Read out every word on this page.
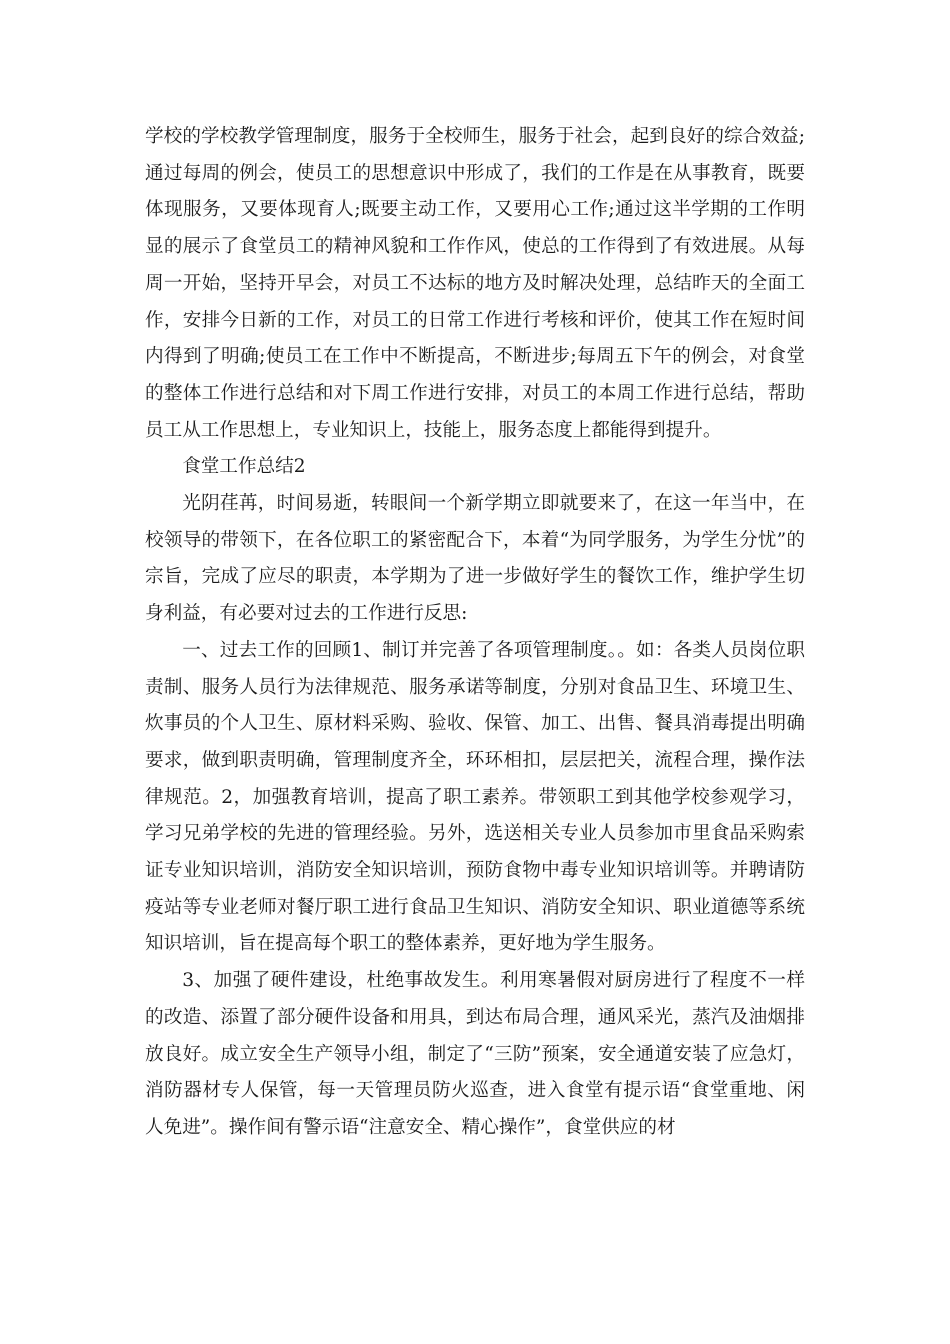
学校的学校教学管理制度，服务于全校师生，服务于社会，起到良好的综合效益;通过每周的例会，使员工的思想意识中形成了，我们的工作是在从事教育，既要体现服务，又要体现育人;既要主动工作，又要用心工作;通过这半学期的工作明显的展示了食堂员工的精神风貌和工作作风，使总的工作得到了有效进展。从每周一开始，坚持开早会，对员工不达标的地方及时解决处理，总结昨天的全面工作，安排今日新的工作，对员工的日常工作进行考核和评价，使其工作在短时间内得到了明确;使员工在工作中不断提高，不断进步;每周五下午的例会，对食堂的整体工作进行总结和对下周工作进行安排，对员工的本周工作进行总结，帮助员工从工作思想上，专业知识上，技能上，服务态度上都能得到提升。

食堂工作总结2

光阴荏苒，时间易逝，转眼间一个新学期立即就要来了，在这一年当中，在校领导的带领下，在各位职工的紧密配合下，本着“为同学服务，为学生分忧”的宗旨，完成了应尽的职责，本学期为了进一步做好学生的餐饮工作，维护学生切身利益，有必要对过去的工作进行反思:

一、过去工作的回顾1、制订并完善了各项管理制度。。如：各类人员岗位职责制、服务人员行为法律规范、服务承诺等制度，分别对食品卫生、环境卫生、炊事员的个人卫生、原材料采购、验收、保管、加工、出售、餐具消毒提出明确要求，做到职责明确，管理制度齐全，环环相扣，层层把关，流程合理，操作法律规范。2，加强教育培训，提高了职工素养。带领职工到其他学校参观学习，学习兄弟学校的先进的管理经验。另外，选送相关专业人员参加市里食品采购索证专业知识培训，消防安全知识培训，预防食物中毒专业知识培训等。并聘请防疫站等专业老师对餐厅职工进行食品卫生知识、消防安全知识、职业道德等系统知识培训，旨在提高每个职工的整体素养，更好地为学生服务。

3、加强了硬件建设，杜绝事故发生。利用寒暑假对厨房进行了程度不一样的改造、添置了部分硬件设备和用具，到达布局合理，通风采光，蒸汽及油烟排放良好。成立安全生产领导小组，制定了“三防”预案，安全通道安装了应急灯，消防器材专人保管，每一天管理员防火巡查，进入食堂有提示语“食堂重地、闲人免进”。操作间有警示语“注意安全、精心操作”，食堂供应的材
